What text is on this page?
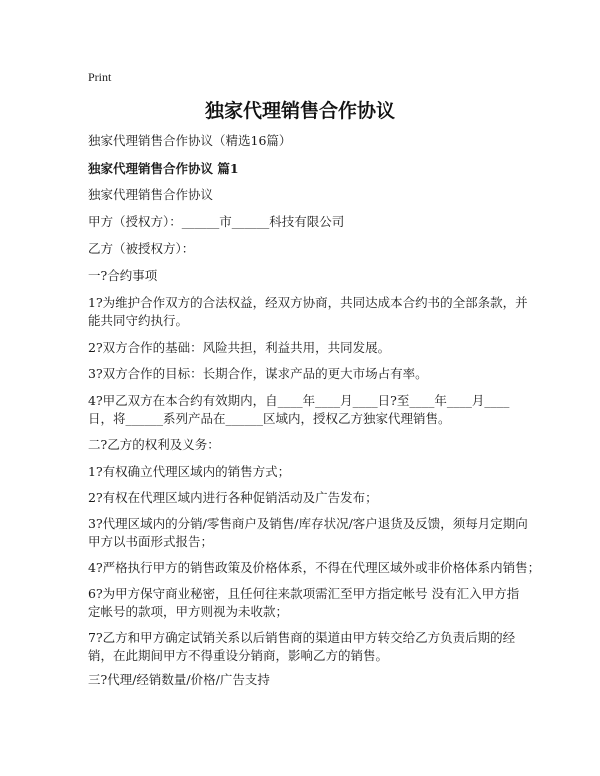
Print
独家代理销售合作协议
独家代理销售合作协议（精选16篇）
独家代理销售合作协议 篇1
独家代理销售合作协议
甲方（授权方）：______市______科技有限公司
乙方（被授权方）：
一?合约事项
1?为维护合作双方的合法权益，经双方协商，共同达成本合约书的全部条款，并能共同守约执行。
2?双方合作的基础：风险共担，利益共用，共同发展。
3?双方合作的目标：长期合作，谋求产品的更大市场占有率。
4?甲乙双方在本合约有效期内，自____年____月____日?至____年____月____日，将______系列产品在______区域内，授权乙方独家代理销售。
二?乙方的权利及义务：
1?有权确立代理区域内的销售方式；
2?有权在代理区域内进行各种促销活动及广告发布；
3?代理区域内的分销/零售商户及销售/库存状况/客户退货及反馈，须每月定期向甲方以书面形式报告；
4?严格执行甲方的销售政策及价格体系，不得在代理区域外或非价格体系内销售；
6?为甲方保守商业秘密，且任何往来款项需汇至甲方指定帐号 没有汇入甲方指定帐号的款项，甲方则视为未收款；
7?乙方和甲方确定试销关系以后销售商的渠道由甲方转交给乙方负责后期的经销，在此期间甲方不得重设分销商，影响乙方的销售。
三?代理/经销数量/价格/广告支持
